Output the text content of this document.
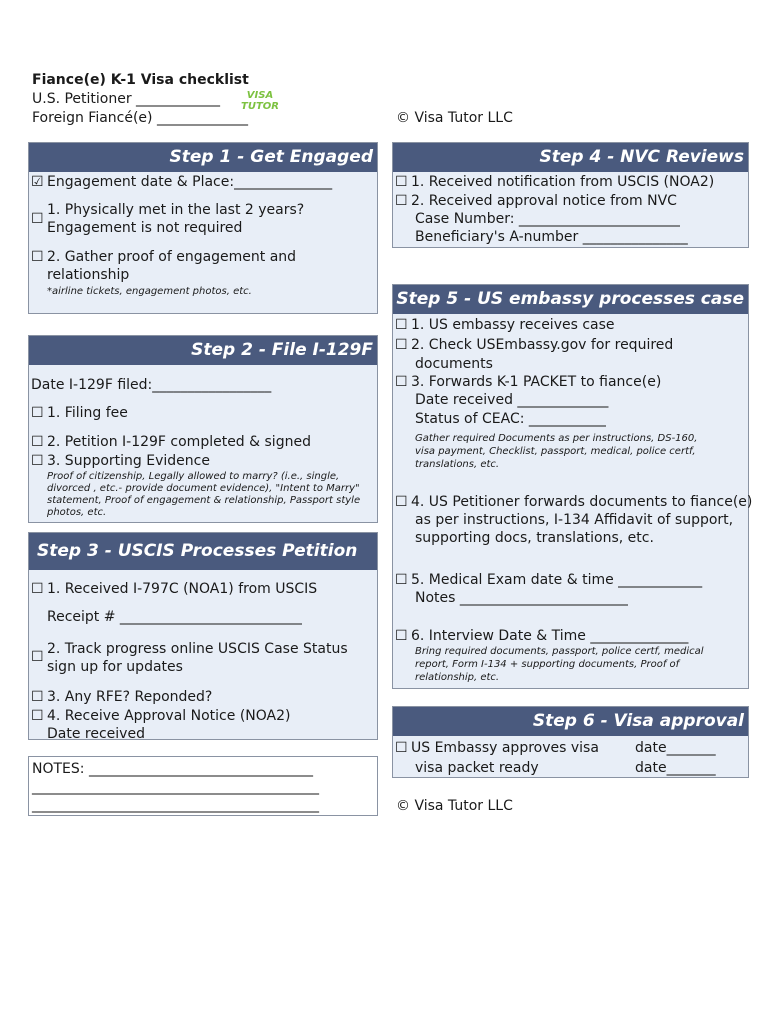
Fiance(e) K-1 Visa checklist
U.S. Petitioner ____________
Foreign Fiancé(e) _____________
VISA
TUTOR
© Visa Tutor LLC
Step 1 - Get Engaged
☑ Engagement date & Place:______________
☐
1. Physically met in the last 2 years?
Engagement is not required
☐ 2. Gather proof of engagement and
relationship
*airline tickets, engagement photos, etc.
Step 2 - File I-129F
Date I-129F filed:_________________
☐ 1. Filing fee
☐ 2. Petition I-129F completed & signed
☐ 3. Supporting Evidence
Proof of citizenship, Legally allowed to marry? (i.e., single,
divorced , etc.- provide document evidence), "Intent to Marry"
statement, Proof of engagement & relationship, Passport style
photos, etc.
Step 3 - USCIS Processes Petition
☐ 1. Received I-797C (NOA1) from USCIS
Receipt # __________________________
☐ 2. Track progress online USCIS Case Status
sign up for updates
☐ 3. Any RFE? Reponded?
☐ 4. Receive Approval Notice (NOA2)
Date received
NOTES: ________________________________
_________________________________________
_________________________________________
Step 4 - NVC Reviews
☐ 1. Received notification from USCIS (NOA2)
☐ 2. Received approval notice from NVC
Case Number: _______________________
Beneficiary's A-number _______________
Step 5 - US embassy processes case
☐ 1. US embassy receives case
☐ 2. Check USEmbassy.gov for required
documents
☐ 3. Forwards K-1 PACKET to fiance(e)
Date received _____________
Status of CEAC: ___________
Gather required Documents as per instructions, DS-160,
visa payment, Checklist, passport, medical, police certf,
translations, etc.
☐ 4. US Petitioner forwards documents to fiance(e)
as per instructions, I-134 Affidavit of support,
supporting docs, translations, etc.
☐ 5. Medical Exam date & time ____________
Notes ________________________
☐ 6. Interview Date & Time ______________
Bring required documents, passport, police certf, medical
report, Form I-134 + supporting documents, Proof of
relationship, etc.
Step 6 - Visa approval
☐ US Embassy approves visa	date_______
visa packet ready	date_______
© Visa Tutor LLC
